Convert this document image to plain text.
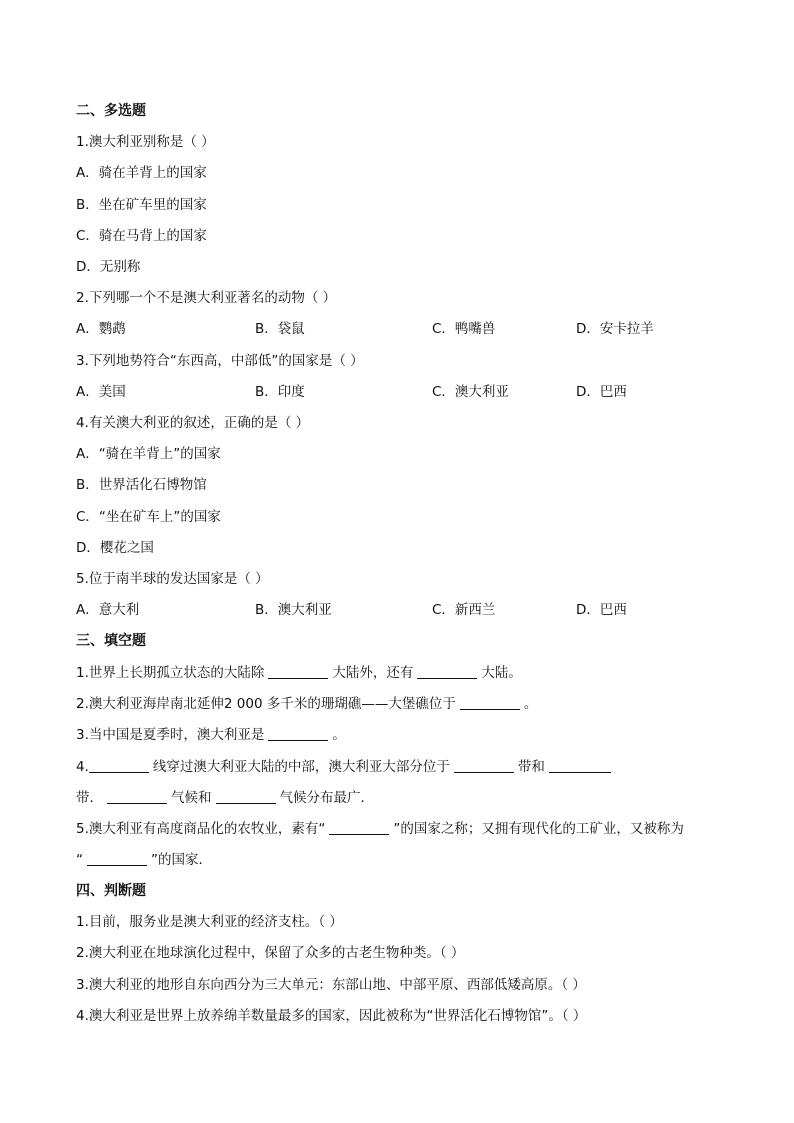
二、多选题
1.澳大利亚别称是（ ）
A．骑在羊背上的国家
B．坐在矿车里的国家
C．骑在马背上的国家
D．无别称
2.下列哪一个不是澳大利亚著名的动物（ ）
A．鹦鹉	B．袋鼠	C．鸭嘴兽	D．安卡拉羊
3.下列地势符合“东西高，中部低”的国家是（ ）
A．美国	B．印度	C．澳大利亚	D．巴西
4.有关澳大利亚的叙述，正确的是（ ）
A．“骑在羊背上”的国家
B．世界活化石博物馆
C．“坐在矿车上”的国家
D．樱花之国
5.位于南半球的发达国家是（ ）
A．意大利	B．澳大利亚	C．新西兰	D．巴西
三、填空题
1.世界上长期孤立状态的大陆除	大陆外，还有	大陆。
2.澳大利亚海岸南北延伸2 000 多千米的珊瑚礁——大堡礁位于	。
3.当中国是夏季时，澳大利亚是	。
4.	线穿过澳大利亚大陆的中部，澳大利亚大部分位于	带和
带．	气候和	气候分布最广．
5.澳大利亚有高度商品化的农牧业，素有“	”的国家之称；又拥有现代化的工矿业，又被称为
“	”的国家．
四、判断题
1.目前，服务业是澳大利亚的经济支柱。（ ）
2.澳大利亚在地球演化过程中，保留了众多的古老生物种类。（ ）
3.澳大利亚的地形自东向西分为三大单元：东部山地、中部平原、西部低矮高原。（ ）
4.澳大利亚是世界上放养绵羊数量最多的国家，因此被称为“世界活化石博物馆”。（ ）
